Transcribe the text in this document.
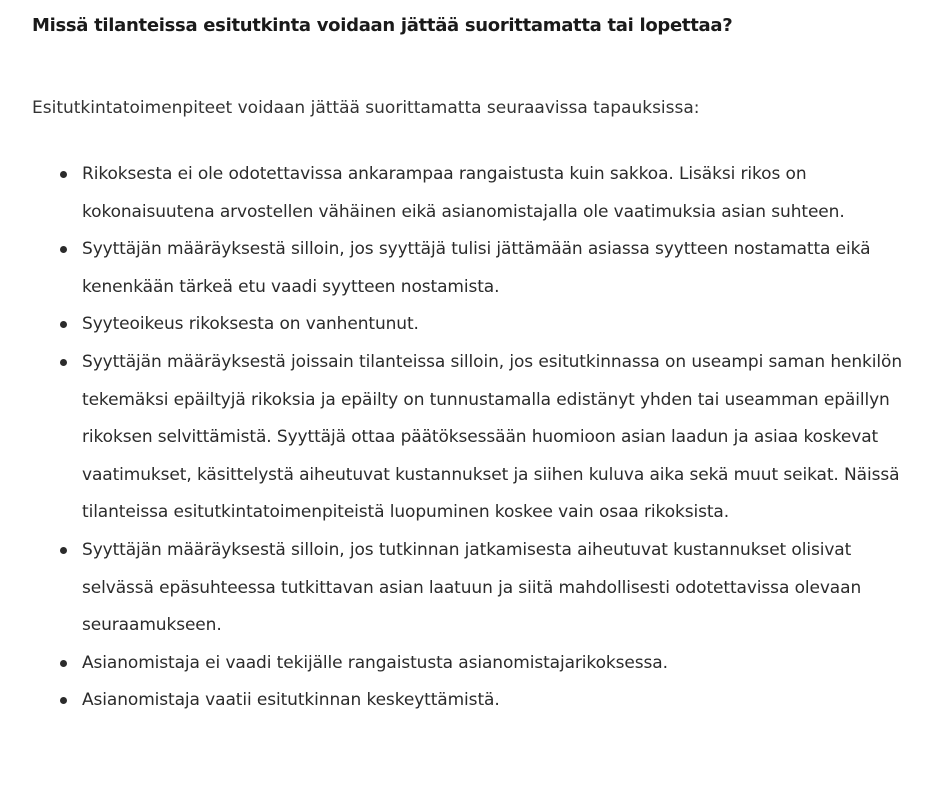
Missä tilanteissa esitutkinta voidaan jättää suorittamatta tai lopettaa?

Esitutkintatoimenpiteet voidaan jättää suorittamatta seuraavissa tapauksissa:

Rikoksesta ei ole odotettavissa ankarampaa rangaistusta kuin sakkoa. Lisäksi rikos on kokonaisuutena arvostellen vähäinen eikä asianomistajalla ole vaatimuksia asian suhteen.
Syyttäjän määräyksestä silloin, jos syyttäjä tulisi jättämään asiassa syytteen nostamatta eikä kenenkään tärkeä etu vaadi syytteen nostamista.
Syyteoikeus rikoksesta on vanhentunut.
Syyttäjän määräyksestä joissain tilanteissa silloin, jos esitutkinnassa on useampi saman henkilön tekemäksi epäiltyjä rikoksia ja epäilty on tunnustamalla edistänyt yhden tai useamman epäillyn rikoksen selvittämistä. Syyttäjä ottaa päätöksessään huomioon asian laadun ja asiaa koskevat vaatimukset, käsittelystä aiheutuvat kustannukset ja siihen kuluva aika sekä muut seikat. Näissä tilanteissa esitutkintatoimenpiteistä luopuminen koskee vain osaa rikoksista.
Syyttäjän määräyksestä silloin, jos tutkinnan jatkamisesta aiheutuvat kustannukset olisivat selvässä epäsuhteessa tutkittavan asian laatuun ja siitä mahdollisesti odotettavissa olevaan seuraamukseen.
Asianomistaja ei vaadi tekijälle rangaistusta asianomistajarikoksessa.
Asianomistaja vaatii esitutkinnan keskeyttämistä.
